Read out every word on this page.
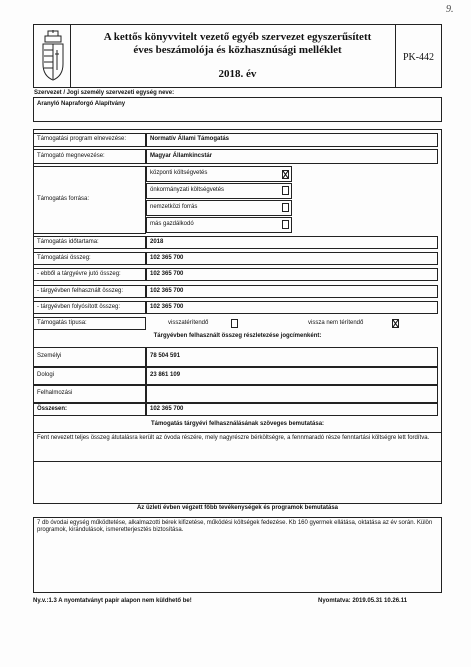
9.
A kettős könyvvitelt vezető egyéb szervezet egyszerűsített
éves beszámolója és közhasznúsági melléklet
2018. év
PK-442
Szervezet / Jogi személy szervezeti egység neve:
Aranyló Napraforgó Alapítvány
Támogatási program elnevezése:	Normatív Állami Támogatás
Támogató megnevezése:	Magyar Államkincstár
Támogatás forrása:
központi költségvetés
önkormányzati költségvetés
nemzetközi forrás
más gazdálkodó
Támogatás időtartama:	2018
Támogatási összeg:	102 365 700
- ebből a tárgyévre jutó összeg:	102 365 700
- tárgyévben felhasznált összeg:	102 365 700
- tárgyévben folyósított összeg:	102 365 700
Támogatás típusa:	visszatérítendő	vissza nem térítendő
Tárgyévben felhasznált összeg részletezése jogcímenként:
Személyi	78 504 591
Dologi	23 861 109
Felhalmozási
Összesen:	102 365 700
Támogatás tárgyévi felhasználásának szöveges bemutatása:
Fent nevezett teljes összeg átutalásra került az óvoda részére, mely nagyrészre bérköltségre, a fennmaradó része fenntartási költségre lett fordítva.
Az üzleti évben végzett főbb tevékenységek és programok bemutatása
7 db óvodai egység működtetése, alkalmazotti bérek kifizetése, működési költségek fedezése. Kb 160 gyermek ellátása, oktatása az év során. Külön programok, kirándulások, ismeretterjesztés biztosítása.
Ny.v.:1.3 A nyomtatványt papír alapon nem küldhető be!	Nyomtatva: 2019.05.31 10.26.11
